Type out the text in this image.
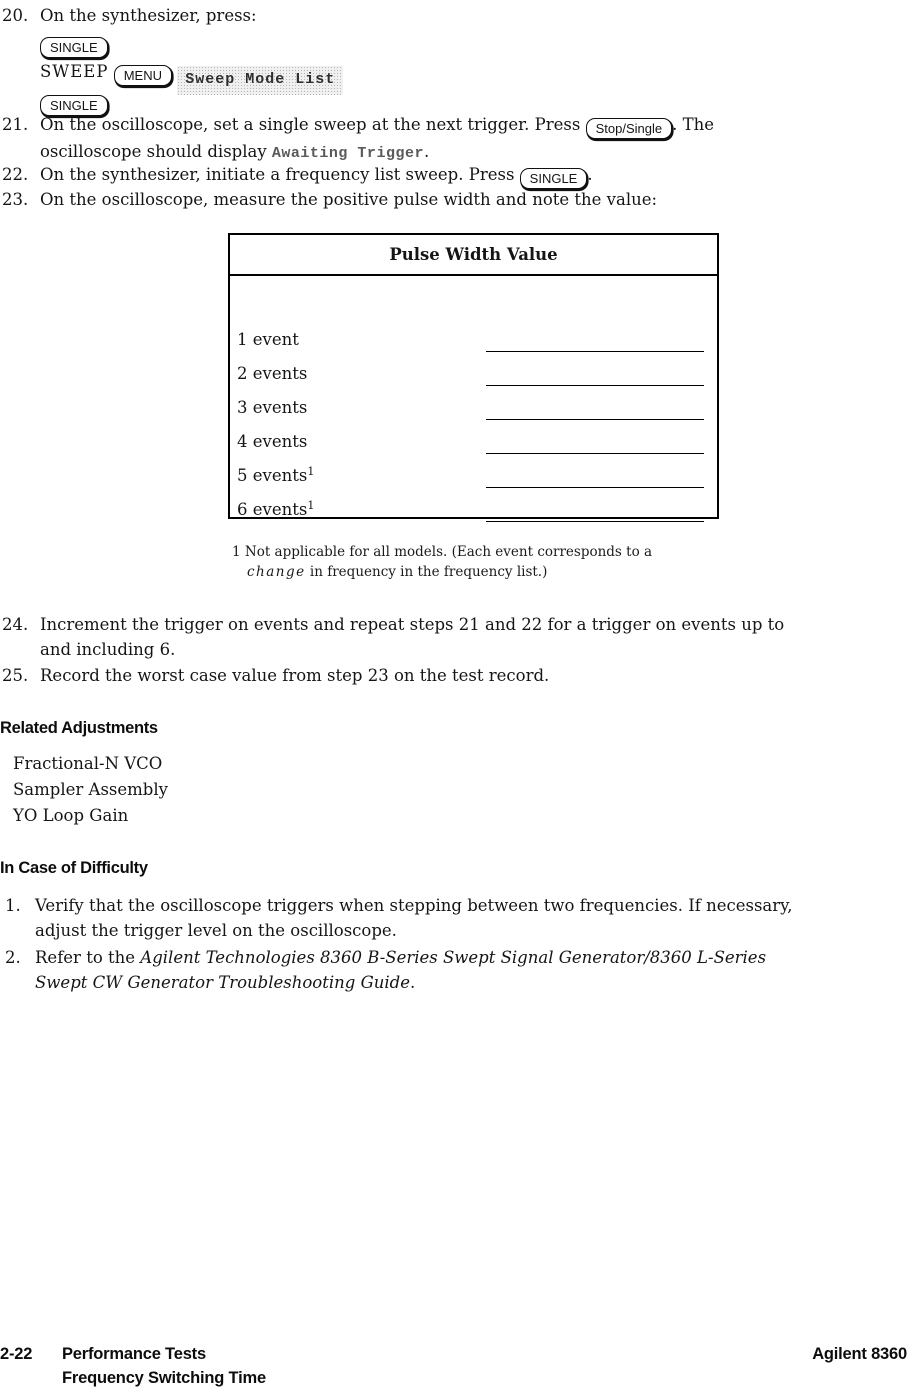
20. On the synthesizer, press:
SINGLE
SWEEP MENU Sweep Mode List
SINGLE
21. On the oscilloscope, set a single sweep at the next trigger. Press Stop/Single . The
oscilloscope should display Awaiting Trigger.
22. On the synthesizer, initiate a frequency list sweep. Press SINGLE .
23. On the oscilloscope, measure the positive pulse width and note the value:
Pulse Width Value
1 event
2 events
3 events
4 events
5 events$^1$
6 events$^1$
1 Not applicable for all models. (Each event corresponds to a
change in frequency in the frequency list.)
24. Increment the trigger on events and repeat steps 21 and 22 for a trigger on events up to
and including 6.
25. Record the worst case value from step 23 on the test record.
Related Adjustments
Fractional-N VCO
Sampler Assembly
YO Loop Gain
In Case of Difficulty
1. Verify that the oscilloscope triggers when stepping between two frequencies. If necessary,
adjust the trigger level on the oscilloscope.
2. Refer to the Agilent Technologies 8360 B-Series Swept Signal Generator/8360 L-Series
Swept CW Generator Troubleshooting Guide.
2-22	Performance Tests
Frequency Switching Time
Agilent 8360
